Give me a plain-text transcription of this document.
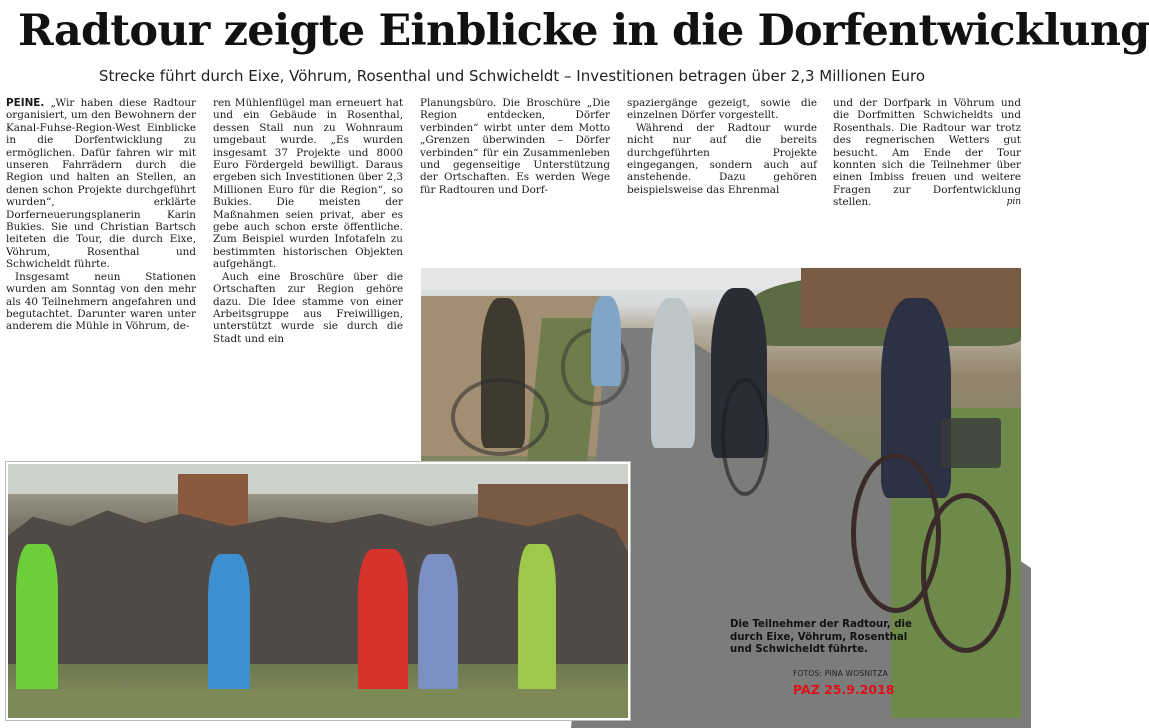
Radtour zeigte Einblicke in die Dorfentwicklung
Strecke führt durch Eixe, Vöhrum, Rosenthal und Schwicheldt – Investitionen betragen über 2,3 Millionen Euro

PEINE. „Wir haben diese Radtour organisiert, um den Bewohnern der Kanal-Fuhse-Region-West Einblicke in die Dorfentwicklung zu ermöglichen. Dafür fahren wir mit unseren Fahrrädern durch die Region und halten an Stellen, an denen schon Projekte durchgeführt wurden“, erklärte Dorferneuerungsplanerin Karin Bukies. Sie und Christian Bartsch leiteten die Tour, die durch Eixe, Vöhrum, Rosenthal und Schwicheldt führte.

Insgesamt neun Stationen wurden am Sonntag von den mehr als 40 Teilnehmern angefahren und begutachtet. Darunter waren unter anderem die Mühle in Vöhrum, de-

ren Mühlenflügel man erneuert hat und ein Gebäude in Rosenthal, dessen Stall nun zu Wohnraum umgebaut wurde. „Es wurden insgesamt 37 Projekte und 8000 Euro Fördergeld bewilligt. Daraus ergeben sich Investitionen über 2,3 Millionen Euro für die Region“, so Bukies. Die meisten der Maßnahmen seien privat, aber es gebe auch schon erste öffentliche. Zum Beispiel wurden Infotafeln zu bestimmten historischen Objekten aufgehängt.

Auch eine Broschüre über die Ortschaften zur Region gehöre dazu. Die Idee stamme von einer Arbeitsgruppe aus Freiwilligen, unterstützt wurde sie durch die Stadt und ein

Planungsbüro. Die Broschüre „Die Region entdecken, Dörfer verbinden“ wirbt unter dem Motto „Grenzen überwinden – Dörfer verbinden“ für ein Zusammenleben und gegenseitige Unterstützung der Ortschaften. Es werden Wege für Radtouren und Dorf-

spaziergänge gezeigt, sowie die einzelnen Dörfer vorgestellt.

Während der Radtour wurde nicht nur auf die bereits durchgeführten Projekte eingegangen, sondern auch auf anstehende. Dazu gehören beispielsweise das Ehrenmal

und der Dorfpark in Vöhrum und die Dorfmitten Schwicheldts und Rosenthals. Die Radtour war trotz des regnerischen Wetters gut besucht. Am Ende der Tour konnten sich die Teilnehmer über einen Imbiss freuen und weitere Fragen zur Dorfentwicklung stellen.	pin

Die Teilnehmer der Radtour, die durch Eixe, Vöhrum, Rosenthal und Schwicheldt führte.
FOTOS: PINA WOSNITZA
PAZ 25.9.2018
